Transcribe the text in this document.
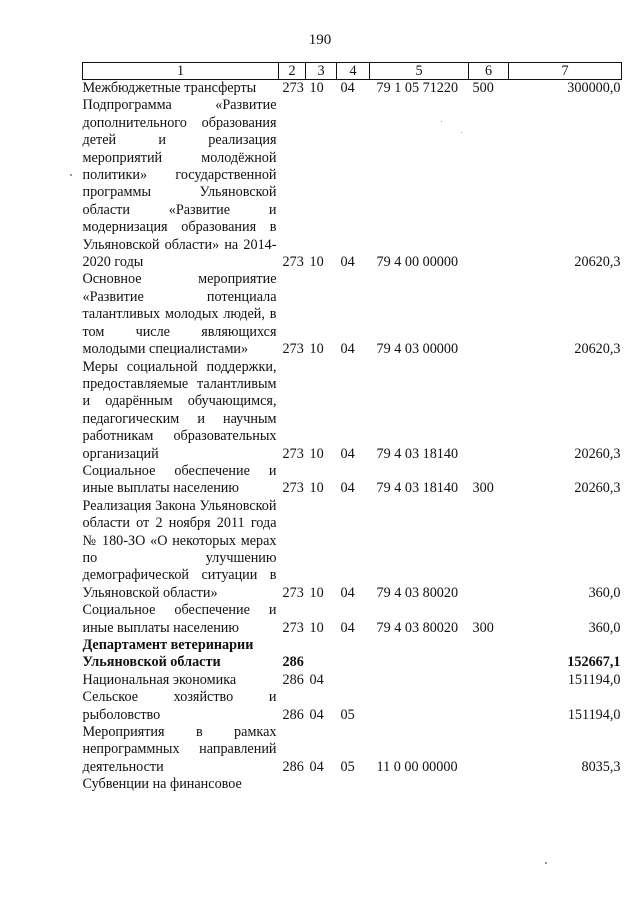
190
1	2	3	4	5	6	7
Межбюджетные трансферты	273	10	04	79 1 05 71220	500	300000,0
Подпрограмма «Развитие дополнительного образования детей и реализация мероприятий молодёжной политики» государственной программы Ульяновской области «Развитие и модернизация образования в Ульяновской области» на 2014-2020 годы	273	10	04	79 4 00 00000		20620,3
Основное мероприятие «Развитие потенциала талантливых молодых людей, в том числе являющихся молодыми специалистами»	273	10	04	79 4 03 00000		20620,3
Меры социальной поддержки, предоставляемые талантливым и одарённым обучающимся, педагогическим и научным работникам образовательных организаций	273	10	04	79 4 03 18140		20260,3
Социальное обеспечение и иные выплаты населению	273	10	04	79 4 03 18140	300	20260,3
Реализация Закона Ульяновской области от 2 ноября 2011 года № 180-ЗО «О некоторых мерах по улучшению демографической ситуации в Ульяновской области»	273	10	04	79 4 03 80020		360,0
Социальное обеспечение и иные выплаты населению	273	10	04	79 4 03 80020	300	360,0
Департамент ветеринарии Ульяновской области	286					152667,1
Национальная экономика	286	04				151194,0
Сельское хозяйство и рыболовство	286	04	05			151194,0
Мероприятия в рамках непрограммных направлений деятельности	286	04	05	11 0 00 00000		8035,3
Субвенции на финансовое						
